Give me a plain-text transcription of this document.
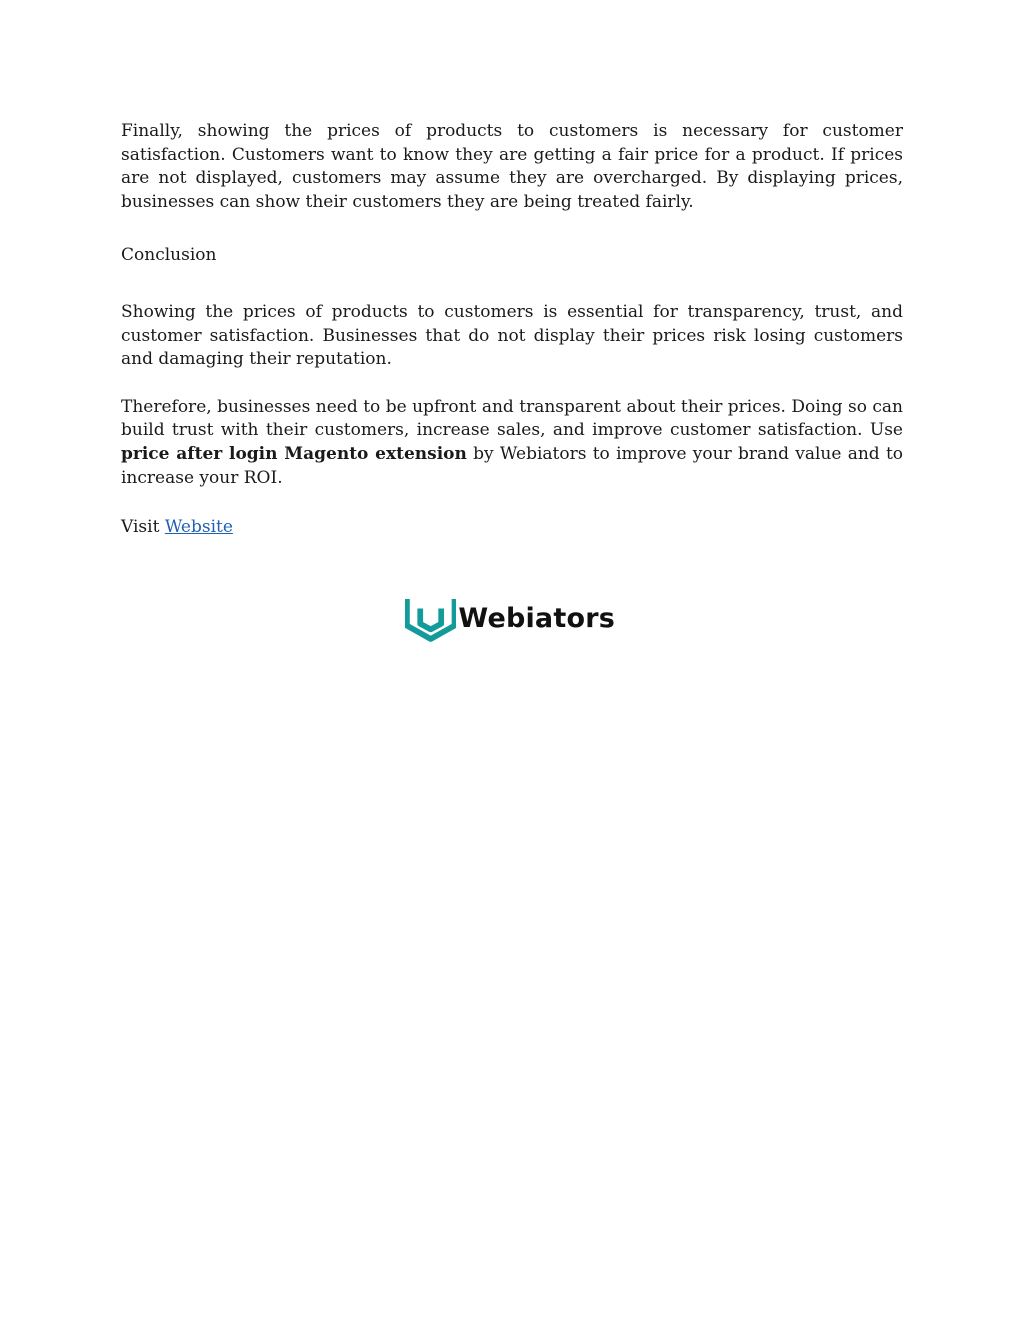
Finally, showing the prices of products to customers is necessary for customer satisfaction. Customers want to know they are getting a fair price for a product. If prices are not displayed, customers may assume they are overcharged. By displaying prices, businesses can show their customers they are being treated fairly.

Conclusion

Showing the prices of products to customers is essential for transparency, trust, and customer satisfaction. Businesses that do not display their prices risk losing customers and damaging their reputation.

Therefore, businesses need to be upfront and transparent about their prices. Doing so can build trust with their customers, increase sales, and improve customer satisfaction. Use price after login Magento extension by Webiators to improve your brand value and to increase your ROI.

Visit Website

Webiators
